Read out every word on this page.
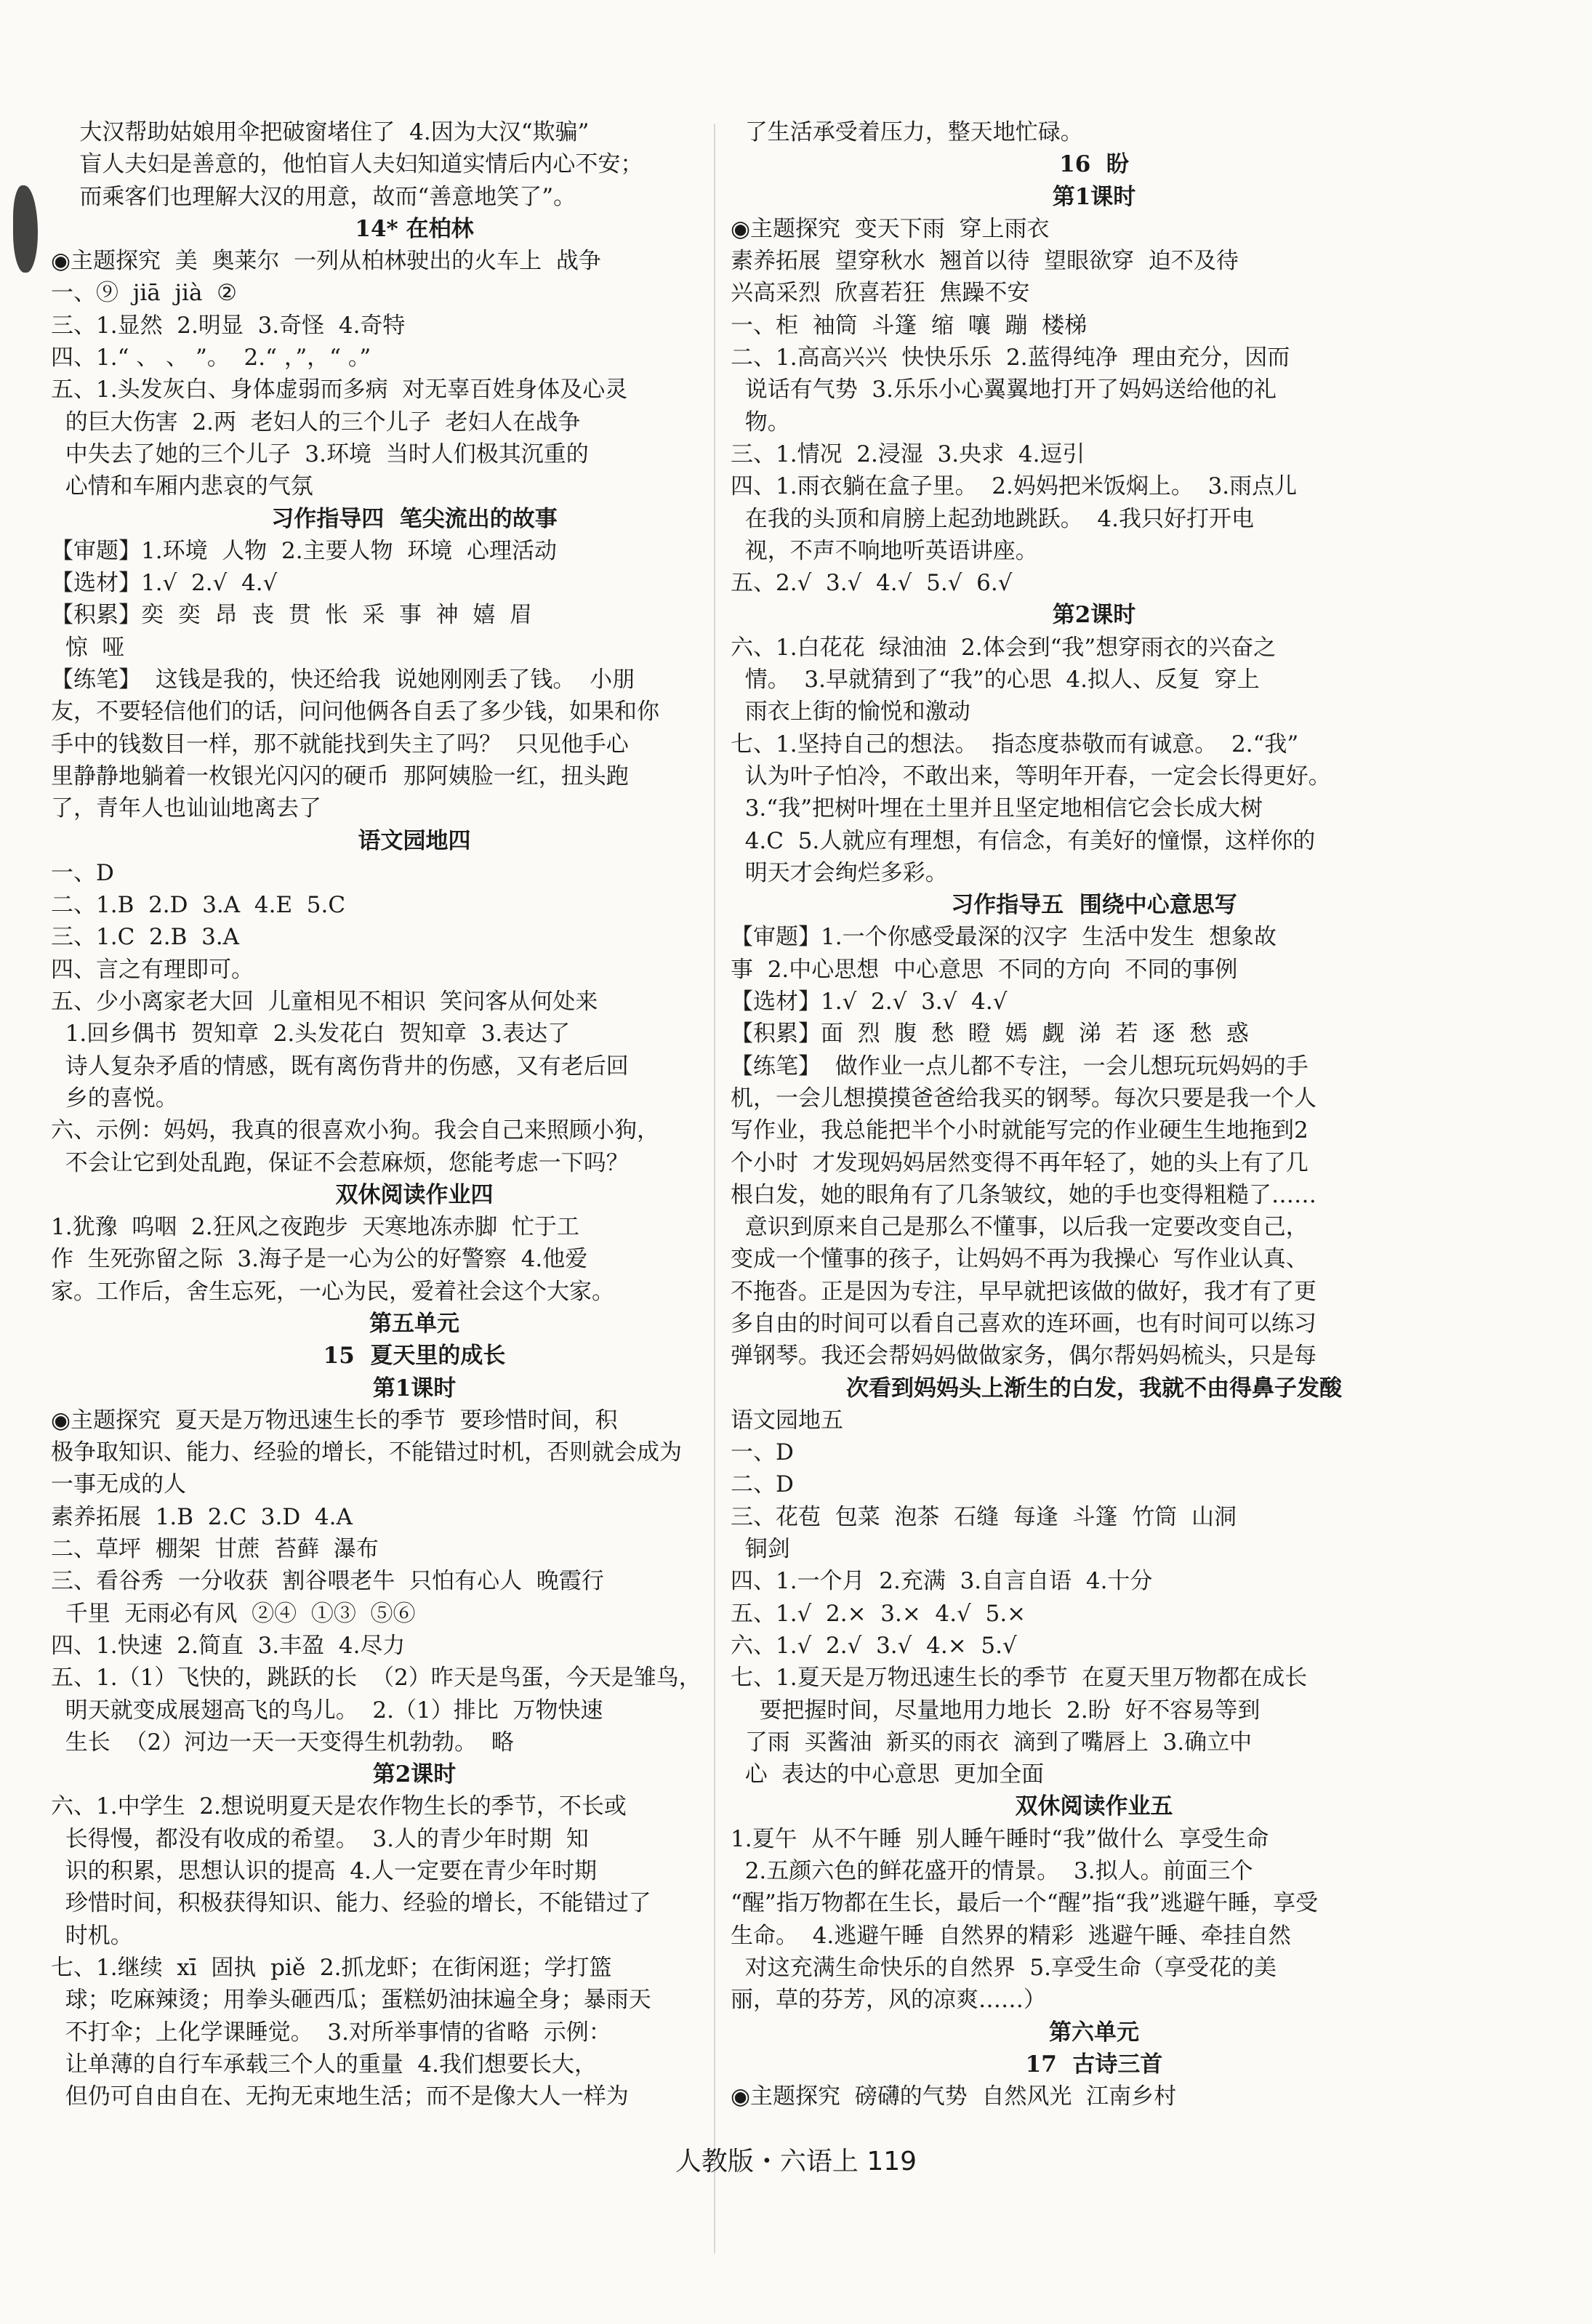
大汉帮助姑娘用伞把破窗堵住了  4.因为大汉“欺骗”
盲人夫妇是善意的，他怕盲人夫妇知道实情后内心不安；
而乘客们也理解大汉的用意，故而“善意地笑了”。
14* 在柏林
◉主题探究  美  奥莱尔  一列从柏林驶出的火车上  战争
一、⑨  jiā  jià  ②
三、1.显然  2.明显  3.奇怪  4.奇特
四、1.“ 、 、 ”。  2.“ ，”，“ 。”
五、1.头发灰白、身体虚弱而多病  对无辜百姓身体及心灵
的巨大伤害  2.两  老妇人的三个儿子  老妇人在战争
中失去了她的三个儿子  3.环境  当时人们极其沉重的
心情和车厢内悲哀的气氛
习作指导四  笔尖流出的故事
【审题】1.环境  人物  2.主要人物  环境  心理活动
【选材】1.√  2.√  4.√
【积累】奕  奕  昂  丧  贯  怅  采  事  神  嬉  眉
惊  哑
【练笔】  这钱是我的，快还给我  说她刚刚丢了钱。  小朋
友，不要轻信他们的话，问问他俩各自丢了多少钱，如果和你
手中的钱数目一样，那不就能找到失主了吗？  只见他手心
里静静地躺着一枚银光闪闪的硬币  那阿姨脸一红，扭头跑
了，青年人也讪讪地离去了
语文园地四
一、D
二、1.B  2.D  3.A  4.E  5.C
三、1.C  2.B  3.A
四、言之有理即可。
五、少小离家老大回  儿童相见不相识  笑问客从何处来
1.回乡偶书  贺知章  2.头发花白  贺知章  3.表达了
诗人复杂矛盾的情感，既有离伤背井的伤感，又有老后回
乡的喜悦。
六、示例：妈妈，我真的很喜欢小狗。我会自己来照顾小狗，
不会让它到处乱跑，保证不会惹麻烦，您能考虑一下吗？
双休阅读作业四
1.犹豫  呜咽  2.狂风之夜跑步  天寒地冻赤脚  忙于工
作  生死弥留之际  3.海子是一心为公的好警察  4.他爱
家。工作后，舍生忘死，一心为民，爱着社会这个大家。
第五单元
15  夏天里的成长
第1课时
◉主题探究  夏天是万物迅速生长的季节  要珍惜时间，积
极争取知识、能力、经验的增长，不能错过时机，否则就会成为
一事无成的人
素养拓展  1.B  2.C  3.D  4.A
二、草坪  棚架  甘蔗  苔藓  瀑布
三、看谷秀  一分收获  割谷喂老牛  只怕有心人  晚霞行
千里  无雨必有风  ②④  ①③  ⑤⑥
四、1.快速  2.简直  3.丰盈  4.尽力
五、1.（1）飞快的，跳跃的长  （2）昨天是鸟蛋，今天是雏鸟，
明天就变成展翅高飞的鸟儿。  2.（1）排比  万物快速
生长  （2）河边一天一天变得生机勃勃。  略
第2课时
六、1.中学生  2.想说明夏天是农作物生长的季节，不长或
长得慢，都没有收成的希望。  3.人的青少年时期  知
识的积累，思想认识的提高  4.人一定要在青少年时期
珍惜时间，积极获得知识、能力、经验的增长，不能错过了
时机。
七、1.继续  xī  固执  piě  2.抓龙虾；在街闲逛；学打篮
球；吃麻辣烫；用拳头砸西瓜；蛋糕奶油抹遍全身；暴雨天
不打伞；上化学课睡觉。  3.对所举事情的省略  示例：
让单薄的自行车承载三个人的重量  4.我们想要长大，
但仍可自由自在、无拘无束地生活；而不是像大人一样为
了生活承受着压力，整天地忙碌。
16  盼
第1课时
◉主题探究  变天下雨  穿上雨衣
素养拓展  望穿秋水  翘首以待  望眼欲穿  迫不及待
兴高采烈  欣喜若狂  焦躁不安
一、柜  袖筒  斗篷  缩  嚷  蹦  楼梯
二、1.高高兴兴  快快乐乐  2.蓝得纯净  理由充分，因而
说话有气势  3.乐乐小心翼翼地打开了妈妈送给他的礼
物。
三、1.情况  2.浸湿  3.央求  4.逗引
四、1.雨衣躺在盒子里。  2.妈妈把米饭焖上。  3.雨点儿
在我的头顶和肩膀上起劲地跳跃。  4.我只好打开电
视，不声不响地听英语讲座。
五、2.√  3.√  4.√  5.√  6.√
第2课时
六、1.白花花  绿油油  2.体会到“我”想穿雨衣的兴奋之
情。  3.早就猜到了“我”的心思  4.拟人、反复  穿上
雨衣上街的愉悦和激动
七、1.坚持自己的想法。  指态度恭敬而有诚意。  2.“我”
认为叶子怕冷，不敢出来，等明年开春，一定会长得更好。
3.“我”把树叶埋在土里并且坚定地相信它会长成大树
4.C  5.人就应有理想，有信念，有美好的憧憬，这样你的
明天才会绚烂多彩。
习作指导五  围绕中心意思写
【审题】1.一个你感受最深的汉字  生活中发生  想象故
事  2.中心思想  中心意思  不同的方向  不同的事例
【选材】1.√  2.√  3.√  4.√
【积累】面  烈  腹  愁  瞪  嫣  觑  涕  若  逐  愁  惑
【练笔】  做作业一点儿都不专注，一会儿想玩玩妈妈的手
机，一会儿想摸摸爸爸给我买的钢琴。每次只要是我一个人
写作业，我总能把半个小时就能写完的作业硬生生地拖到2
个小时  才发现妈妈居然变得不再年轻了，她的头上有了几
根白发，她的眼角有了几条皱纹，她的手也变得粗糙了……
意识到原来自己是那么不懂事，以后我一定要改变自己，
变成一个懂事的孩子，让妈妈不再为我操心  写作业认真、
不拖沓。正是因为专注，早早就把该做的做好，我才有了更
多自由的时间可以看自己喜欢的连环画，也有时间可以练习
弹钢琴。我还会帮妈妈做做家务，偶尔帮妈妈梳头，只是每
次看到妈妈头上渐生的白发，我就不由得鼻子发酸
语文园地五
一、D
二、D
三、花苞  包菜  泡茶  石缝  每逢  斗篷  竹筒  山洞
铜剑
四、1.一个月  2.充满  3.自言自语  4.十分
五、1.√  2.×  3.×  4.√  5.×
六、1.√  2.√  3.√  4.×  5.√
七、1.夏天是万物迅速生长的季节  在夏天里万物都在成长
要把握时间，尽量地用力地长  2.盼  好不容易等到
了雨  买酱油  新买的雨衣  滴到了嘴唇上  3.确立中
心  表达的中心意思  更加全面
双休阅读作业五
1.夏午  从不午睡  别人睡午睡时“我”做什么  享受生命
2.五颜六色的鲜花盛开的情景。  3.拟人。前面三个
“醒”指万物都在生长，最后一个“醒”指“我”逃避午睡，享受
生命。  4.逃避午睡  自然界的精彩  逃避午睡、牵挂自然
对这充满生命快乐的自然界  5.享受生命（享受花的美
丽，草的芬芳，风的凉爽……）
第六单元
17  古诗三首
◉主题探究  磅礴的气势  自然风光  江南乡村
人教版・六语上 119
